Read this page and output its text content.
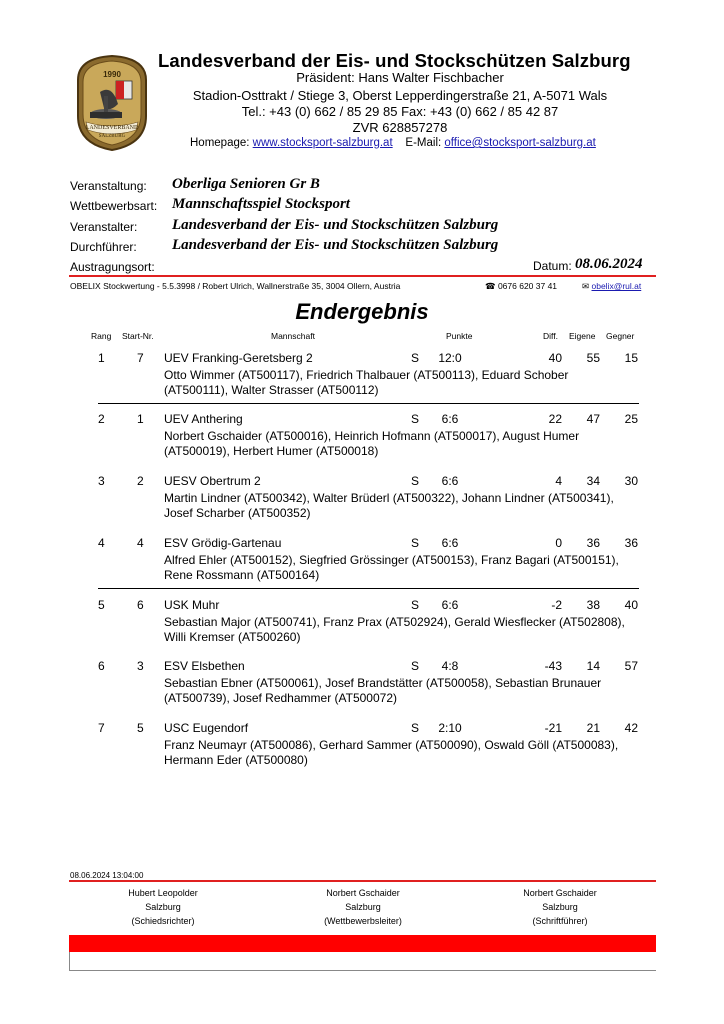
1990
LANDESVERBAND
SALZBURG
Landesverband der Eis- und Stockschützen Salzburg
Präsident: Hans Walter Fischbacher
Stadion-Osttrakt / Stiege 3, Oberst Lepperdingerstraße 21, A-5071 Wals
Tel.: +43 (0) 662 / 85 29 85 Fax: +43 (0) 662 / 85 42 87
ZVR 628857278
Homepage: www.stocksport-salzburg.at E-Mail: office@stocksport-salzburg.at
Veranstaltung: Oberliga Senioren Gr B
Wettbewerbsart: Mannschaftsspiel Stocksport
Veranstalter: Landesverband der Eis- und Stockschützen Salzburg
Durchführer: Landesverband der Eis- und Stockschützen Salzburg
Austragungsort:	Datum: 08.06.2024
OBELIX Stockwertung - 5.5.3998 / Robert Ulrich, Wallnerstraße 35, 3004 Ollern, Austria	☎ 0676 620 37 41	✉ obelix@rul.at
Endergebnis
Rang Start-Nr.	Mannschaft	Punkte	Diff. Eigene Gegner
1	7 UEV Franking-Geretsberg 2	S	12:0	40	55	15
Otto Wimmer (AT500117), Friedrich Thalbauer (AT500113), Eduard Schober (AT500111), Walter Strasser (AT500112)
2	1 UEV Anthering	S	6:6	22	47	25
Norbert Gschaider (AT500016), Heinrich Hofmann (AT500017), August Humer (AT500019), Herbert Humer (AT500018)
3	2 UESV Obertrum 2	S	6:6	4	34	30
Martin Lindner (AT500342), Walter Brüderl (AT500322), Johann Lindner (AT500341), Josef Scharber (AT500352)
4	4 ESV Grödig-Gartenau	S	6:6	0	36	36
Alfred Ehler (AT500152), Siegfried Grössinger (AT500153), Franz Bagari (AT500151), Rene Rossmann (AT500164)
5	6 USK Muhr	S	6:6	-2	38	40
Sebastian Major (AT500741), Franz Prax (AT502924), Gerald Wiesflecker (AT502808), Willi Kremser (AT500260)
6	3 ESV Elsbethen	S	4:8	-43	14	57
Sebastian Ebner (AT500061), Josef Brandstätter (AT500058), Sebastian Brunauer (AT500739), Josef Redhammer (AT500072)
7	5 USC Eugendorf	S	2:10	-21	21	42
Franz Neumayr (AT500086), Gerhard Sammer (AT500090), Oswald Göll (AT500083), Hermann Eder (AT500080)
08.06.2024 13:04:00
Hubert Leopolder
Salzburg
(Schiedsrichter)
Norbert Gschaider
Salzburg
(Wettbewerbsleiter)
Norbert Gschaider
Salzburg
(Schriftführer)
